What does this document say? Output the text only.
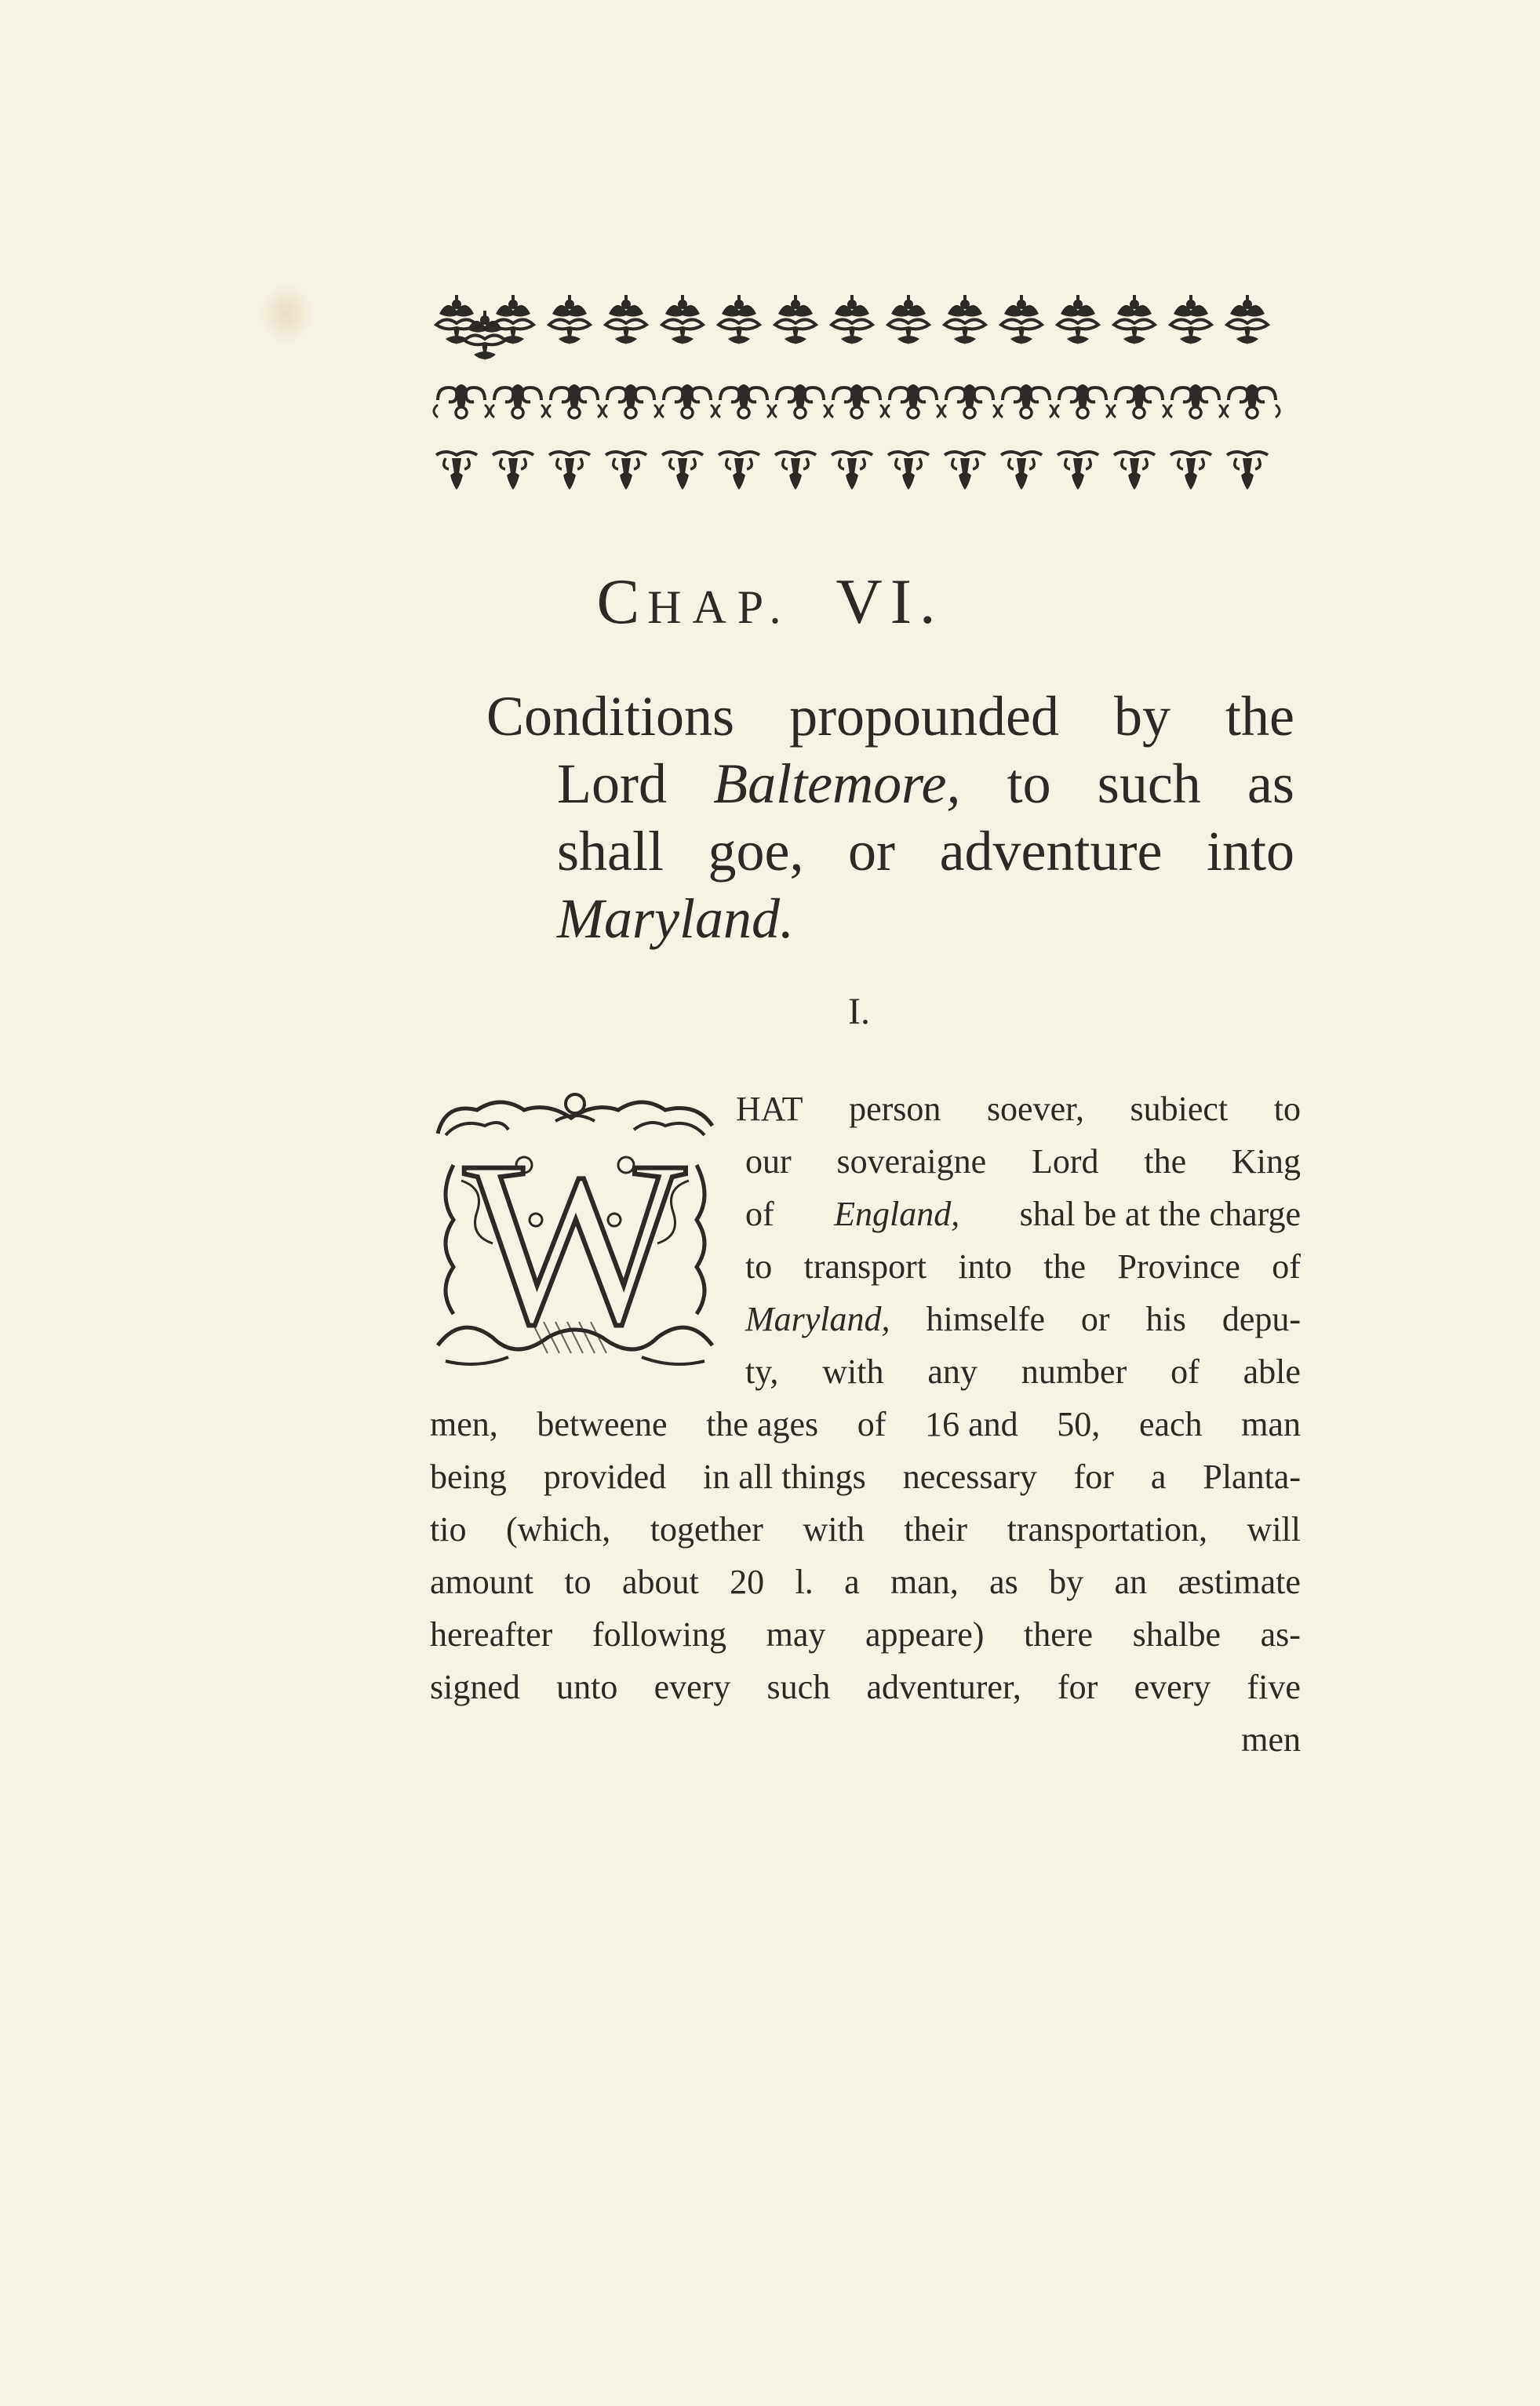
CHAP. VI.
Conditions propounded by the
Lord Baltemore, to such as
shall goe, or adventure into
Maryland.
I.
W
HAT person soever, subiect to
our soveraigne Lord the King
of England, shal be at the charge
to transport into the Province of
Maryland, himselfe or his depu-
ty, with any number of able
men, betweene the ages of 16 and 50, each man
being provided in all things necessary for a Planta-
tio (which, together with their transportation, will
amount to about 20 l. a man, as by an æstimate
hereafter following may appeare) there shalbe as-
signed unto every such adventurer, for every five
men
